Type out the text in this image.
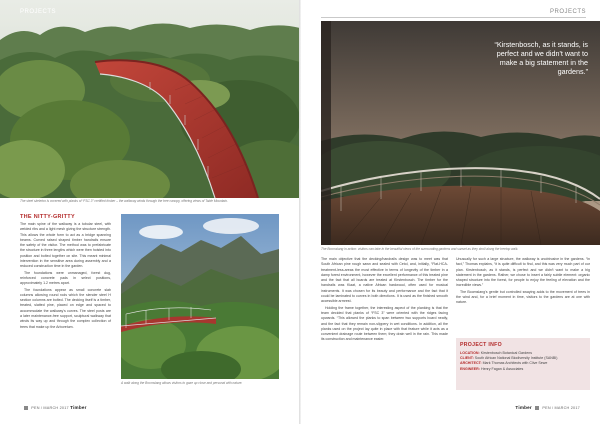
PROJECTS
The steel skeleton is covered with planks of “FSC 3” certified timber – the walkway winds through the tree canopy, offering views of Table Mountain.
THE NITTY-GRITTY

The main spine of the walkway is a tubular steel, with welded ribs and a light mesh giving the structure strength. This allows the whole form to act as a bridge spanning beams. Curved raised shaped timber handrails ensure the safety of the visitor. The method was to prefabricate the structure in three lengths which were then hoisted into position and bolted together on site. This meant minimal intervention in the sensitive area during assembly and a reduced construction time in the garden.

The foundations were unmanaged, forest dug, reinforced concrete pads in select positions, approximately 1.2 metres apart.

The foundations appear as small concrete slab columns allowing round rods which the slender steel H section columns are bolted. The decking itself is a timber, treated, slatted pine, placed on edge and spaced to accommodate the walkway's curves. The steel posts are a later maintenance-free support, sculptural walkway that winds its way up and through the complex collection of trees that make up the Arboretum.

A walk along the Boomslang allows visitors to gaze up close and personal with nature.
PEN / MARCH 2017 Timber
PROJECTS
“Kirstenbosch, as it stands, is perfect and we didn't want to make a big statement in the gardens.”
The Boomslang in action: visitors can take in the beautiful views of the surrounding gardens and sunset as they stroll along the treetop walk.

The main objective that the decking/handrails design was to meet was that South African pine rough sawn and sealed with Cetol, and, initially, “Flat-HCA-treatment-less-areas the most effective in terms of longevity of the timber in a damp forest environment, however the excellent performance of this treated pine and the fact that all boards are treated at Kirstenbosch. The timber for the handrails was Kiaat, a native African hardwood, often used for musical instruments. It was chosen for its beauty and performance and the fact that it could be laminated to curves in both directions. It is used as the finished smooth accessible armrest.

Holding the frame together, the interesting aspect of the planking is that the team decided that planks of “FSC 3” were oriented with the ridges facing upwards. “This allowed the planks to span between two supports board neatly, and the fact that they remain non-slippery in wet conditions. In addition, all the planks used on the project lay quite in place with that feature while it acts as a convenient drainage route between them; they drain well in the rain. This made its construction and maintenance easier.

Unusually for such a large structure, the walkway is unobtrusive in the gardens. “In fact,” Thomas explains, “it is quite difficult to find, and this was very much part of our plan. Kirstenbosch, as it stands, is perfect and we didn't want to make a big statement in the gardens. Rather, we chose to insert a fairly subtle element: organic shaped structure into the forest, for people to enjoy the feeling of elevation and the incredible views.”

The Boomslang's gentle but controlled swaying adds to the movement of trees in the wind and, for a brief moment in time, visitors to the gardens are at one with nature.

PROJECT INFO
LOCATION: Kirstenbosch Botanical Gardens
CLIENT: South African National Biodiversity Institute (SANBI)
ARCHITECT: Mark Thomas Architects with Clive Sewe
ENGINEER: Henry Fagan & Associates
Timber	PEN / MARCH 2017
